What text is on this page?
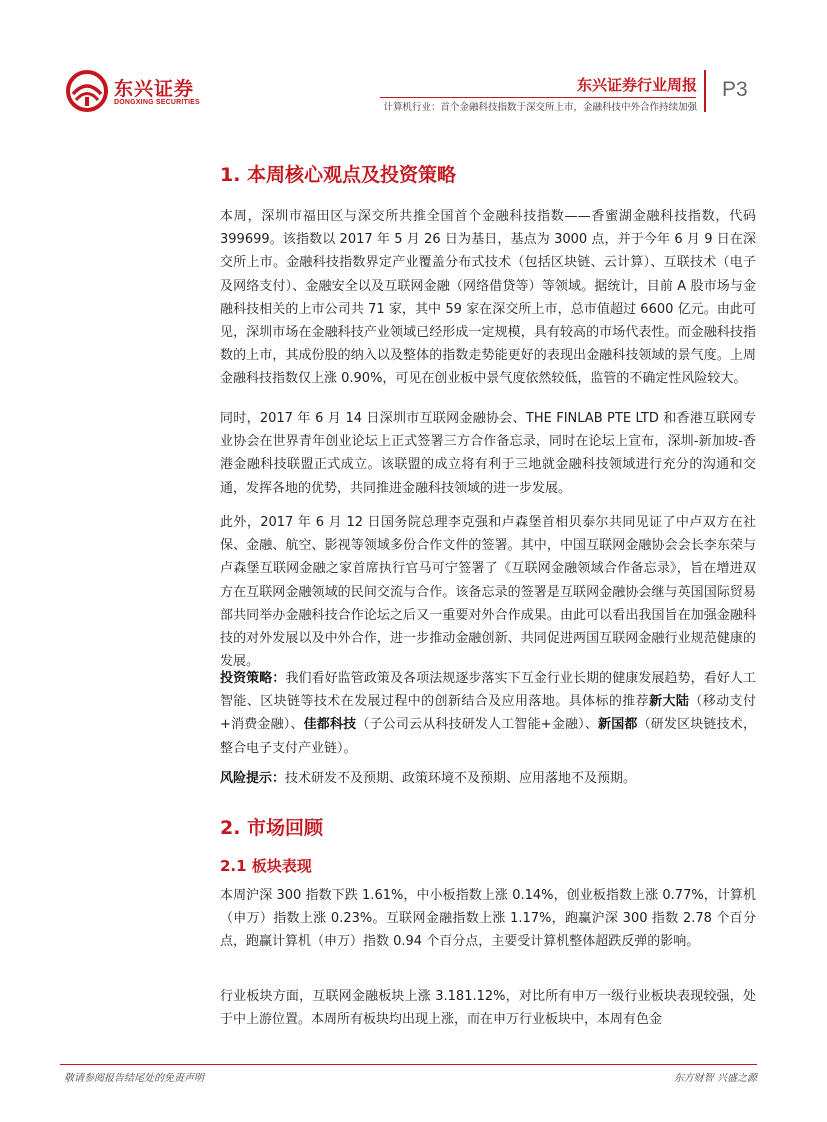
东兴证券
DONGXING SECURITIES
东兴证券行业周报
计算机行业：首个金融科技指数于深交所上市，金融科技中外合作持续加强
P3
1. 本周核心观点及投资策略

本周，深圳市福田区与深交所共推全国首个金融科技指数——香蜜湖金融科技指数，代码 399699。该指数以 2017 年 5 月 26 日为基日，基点为 3000 点，并于今年 6 月 9 日在深交所上市。金融科技指数界定产业覆盖分布式技术（包括区块链、云计算）、互联技术（电子及网络支付）、金融安全以及互联网金融（网络借贷等）等领域。据统计，目前 A 股市场与金融科技相关的上市公司共 71 家，其中 59 家在深交所上市，总市值超过 6600 亿元。由此可见，深圳市场在金融科技产业领域已经形成一定规模，具有较高的市场代表性。而金融科技指数的上市，其成份股的纳入以及整体的指数走势能更好的表现出金融科技领域的景气度。上周金融科技指数仅上涨 0.90%，可见在创业板中景气度依然较低，监管的不确定性风险较大。

同时，2017 年 6 月 14 日深圳市互联网金融协会、THE FINLAB PTE LTD 和香港互联网专业协会在世界青年创业论坛上正式签署三方合作备忘录，同时在论坛上宣布，深圳-新加坡-香港金融科技联盟正式成立。该联盟的成立将有利于三地就金融科技领域进行充分的沟通和交通，发挥各地的优势，共同推进金融科技领域的进一步发展。

此外，2017 年 6 月 12 日国务院总理李克强和卢森堡首相贝泰尔共同见证了中卢双方在社保、金融、航空、影视等领域多份合作文件的签署。其中，中国互联网金融协会会长李东荣与卢森堡互联网金融之家首席执行官马可宁签署了《互联网金融领域合作备忘录》，旨在增进双方在互联网金融领域的民间交流与合作。该备忘录的签署是互联网金融协会继与英国国际贸易部共同举办金融科技合作论坛之后又一重要对外合作成果。由此可以看出我国旨在加强金融科技的对外发展以及中外合作，进一步推动金融创新、共同促进两国互联网金融行业规范健康的发展。

投资策略：我们看好监管政策及各项法规逐步落实下互金行业长期的健康发展趋势，看好人工智能、区块链等技术在发展过程中的创新结合及应用落地。具体标的推荐新大陆（移动支付+消费金融）、佳都科技（子公司云从科技研发人工智能+金融）、新国都（研发区块链技术，整合电子支付产业链）。

风险提示：技术研发不及预期、政策环境不及预期、应用落地不及预期。

2. 市场回顾
2.1 板块表现

本周沪深 300 指数下跌 1.61%，中小板指数上涨 0.14%，创业板指数上涨 0.77%，计算机（申万）指数上涨 0.23%。互联网金融指数上涨 1.17%，跑赢沪深 300 指数 2.78 个百分点，跑赢计算机（申万）指数 0.94 个百分点，主要受计算机整体超跌反弹的影响。

行业板块方面，互联网金融板块上涨 3.181.12%，对比所有申万一级行业板块表现较强，处于中上游位置。本周所有板块均出现上涨，而在申万行业板块中，本周有色金

敬请参阅报告结尾处的免责声明	东方财智 兴盛之源
